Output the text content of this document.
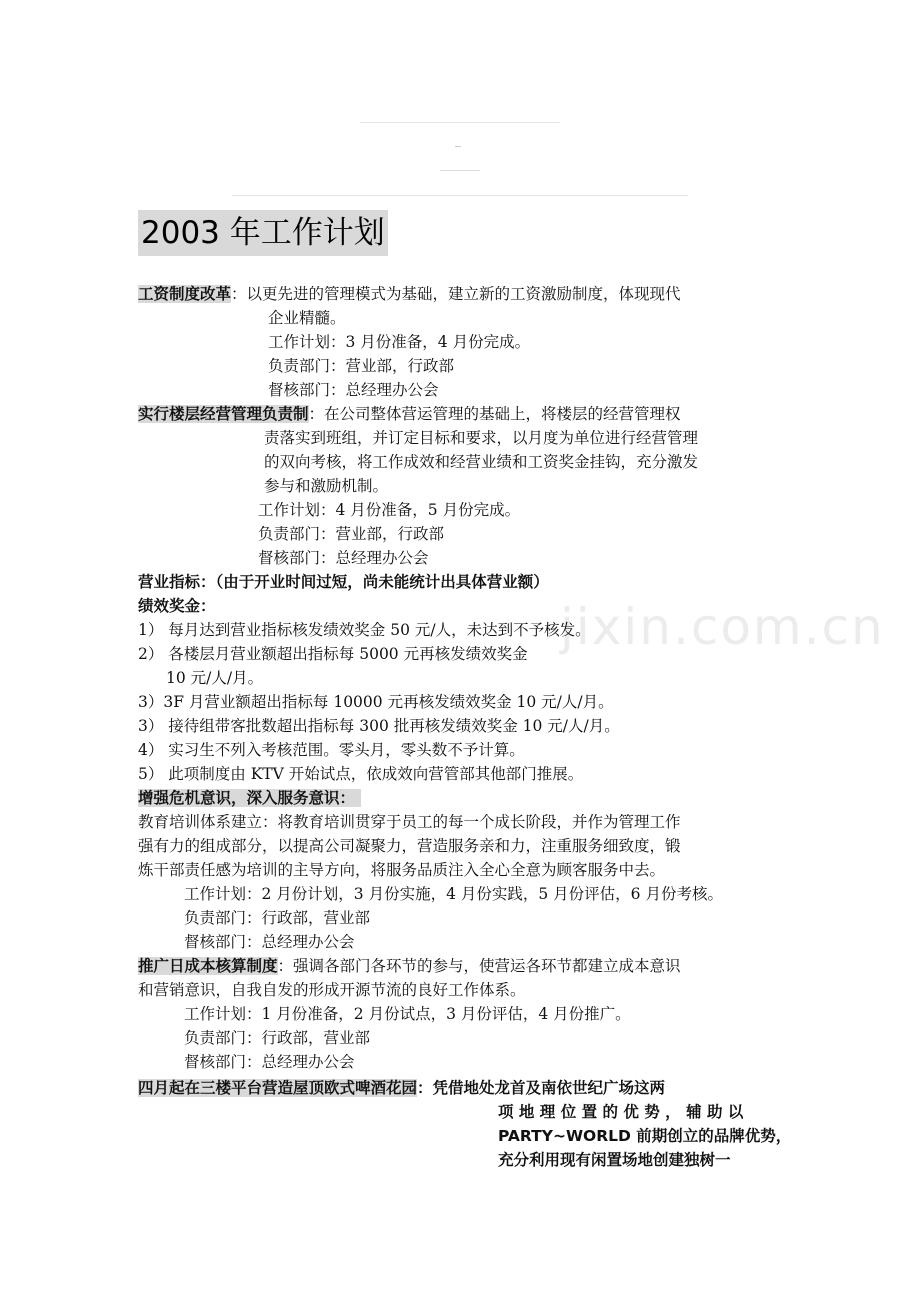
jixin.com.cn
2003 年工作计划
工资制度改革：以更先进的管理模式为基础，建立新的工资激励制度，体现现代
企业精髓。
工作计划：3 月份准备，4 月份完成。
负责部门：营业部，行政部
督核部门：总经理办公会
实行楼层经营管理负责制：在公司整体营运管理的基础上，将楼层的经营管理权
责落实到班组，并订定目标和要求，以月度为单位进行经营管理
的双向考核，将工作成效和经营业绩和工资奖金挂钩，充分激发
参与和激励机制。
工作计划：4 月份准备，5 月份完成。
负责部门：营业部，行政部
督核部门：总经理办公会
营业指标：（由于开业时间过短，尚未能统计出具体营业额）
绩效奖金：
1） 每月达到营业指标核发绩效奖金 50 元/人，未达到不予核发。
2） 各楼层月营业额超出指标每 5000 元再核发绩效奖金
10 元/人/月。
3）3F 月营业额超出指标每 10000 元再核发绩效奖金 10 元/人/月。
3） 接待组带客批数超出指标每 300 批再核发绩效奖金 10 元/人/月。
4） 实习生不列入考核范围。零头月，零头数不予计算。
5） 此项制度由 KTV 开始试点，依成效向营管部其他部门推展。
增强危机意识，深入服务意识：
教育培训体系建立：将教育培训贯穿于员工的每一个成长阶段，并作为管理工作
强有力的组成部分，以提高公司凝聚力，营造服务亲和力，注重服务细致度，锻
炼干部责任感为培训的主导方向，将服务品质注入全心全意为顾客服务中去。
工作计划：2 月份计划，3 月份实施，4 月份实践，5 月份评估，6 月份考核。
负责部门：行政部，营业部
督核部门：总经理办公会
推广日成本核算制度：强调各部门各环节的参与，使营运各环节都建立成本意识
和营销意识，自我自发的形成开源节流的良好工作体系。
工作计划：1 月份准备，2 月份试点，3 月份评估，4 月份推广。
负责部门：行政部，营业部
督核部门：总经理办公会
四月起在三楼平台营造屋顶欧式啤酒花园：凭借地处龙首及南依世纪广场这两
项 地 理 位 置 的 优 势 ， 辅 助 以
PARTY~WORLD 前期创立的品牌优势，
充分利用现有闲置场地创建独树一
